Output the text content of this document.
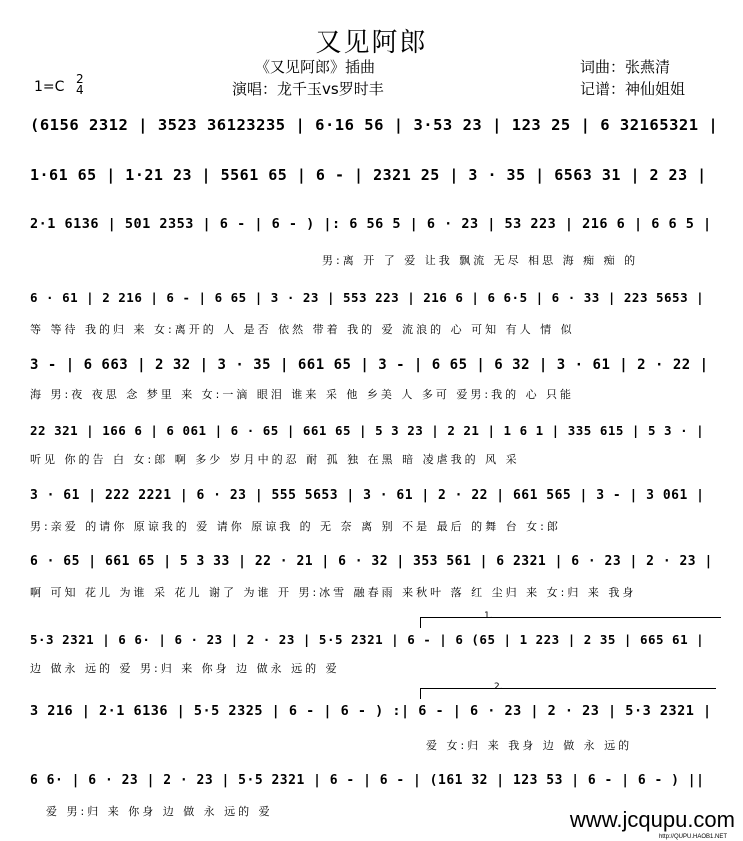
又见阿郎
《又见阿郎》插曲
演唱：龙千玉vs罗时丰
1=C 2
4
词曲：张燕清
记谱：神仙姐姐
(6156 2312 | 3523 36123235 | 6·16 56 | 3·53 23 | 123 25 | 6 32165321 |
1·61 65 | 1·21 23 | 5561 65 | 6 - | 2321 25 | 3 · 35 | 6563 31 | 2 23 |
2·1 6136 | 501 2353 | 6 - | 6 - ) |: 6 56 5 | 6 · 23 | 53 223 | 216 6 | 6 6 5 |
男:离 开 了 爱 让我 飘流 无尽 相思 海 痴 痴 的
6 · 61 | 2 216 | 6 - | 6 65 | 3 · 23 | 553 223 | 216 6 | 6 6·5 | 6 · 33 | 223 5653 |
等 等待 我的归 来 女:离开的 人 是否 依然 带着 我的 爱 流浪的 心 可知 有人 情 似
3 - | 6 663 | 2 32 | 3 · 35 | 661 65 | 3 - | 6 65 | 6 32 | 3 · 61 | 2 · 22 |
海 男:夜 夜思 念 梦里 来 女:一滴 眼泪 谁来 采 他 乡美 人 多可 爱男:我的 心 只能
22 321 | 166 6 | 6 061 | 6 · 65 | 661 65 | 5 3 23 | 2 21 | 1 6 1 | 335 615 | 5 3 · |
听见 你的告 白 女:郎 啊 多少 岁月中的忍 耐 孤 独 在黑 暗 凌虐我的 风 采
3 · 61 | 222 2221 | 6 · 23 | 555 5653 | 3 · 61 | 2 · 22 | 661 565 | 3 - | 3 061 |
男:亲爱 的请你 原谅我的 爱 请你 原谅我 的 无 奈 离 别 不是 最后 的舞 台 女:郎
6 · 65 | 661 65 | 5 3 33 | 22 · 21 | 6 · 32 | 353 561 | 6 2321 | 6 · 23 | 2 · 23 |
啊 可知 花儿 为谁 采 花儿 谢了 为谁 开 男:冰雪 融春雨 来秋叶 落 红 尘归 来 女:归 来 我身
1.
5·3 2321 | 6 6· | 6 · 23 | 2 · 23 | 5·5 2321 | 6 - | 6 (65 | 1 223 | 2 35 | 665 61 |
边 做永 远的 爱 男:归 来 你身 边 做永 远的 爱
2.
3 216 | 2·1 6136 | 5·5 2325 | 6 - | 6 - ) :| 6 - | 6 · 23 | 2 · 23 | 5·3 2321 |
爱 女:归 来 我身 边 做 永 远的
6 6· | 6 · 23 | 2 · 23 | 5·5 2321 | 6 - | 6 - | (161 32 | 123 53 | 6 - | 6 - ) ||
爱 男:归 来 你身 边 做 永 远的 爱	www.jcqupu.com
http://QUPU.HAOB1.NET
